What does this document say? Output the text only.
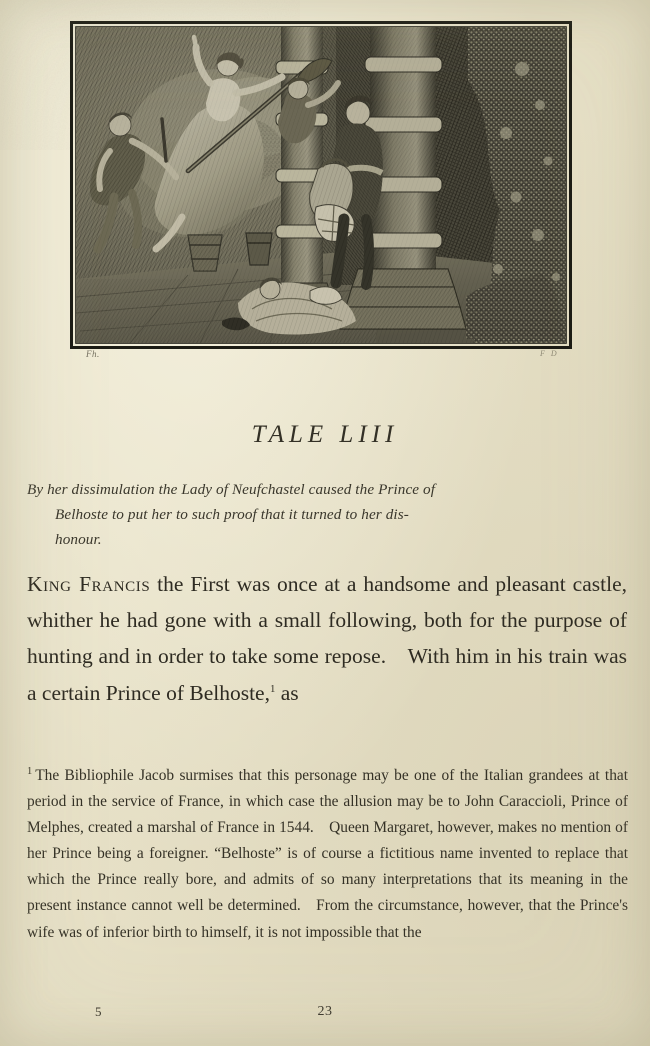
Fh.	F D
TALE LIII
By her dissimulation the Lady of Neufchastel caused the Prince of
Belhoste to put her to such proof that it turned to her dis-
honour.
King Francis the First was once at a handsome and pleasant castle, whither he had gone with a small following, both for the purpose of hunting and in order to take some repose. With him in his train was a certain Prince of Belhoste,$^1$ as
$^1$ The Bibliophile Jacob surmises that this personage may be one of the Italian grandees at that period in the service of France, in which case the allusion may be to John Caraccioli, Prince of Melphes, created a marshal of France in 1544. Queen Margaret, however, makes no mention of her Prince being a foreigner. “Belhoste” is of course a fictitious name invented to replace that which the Prince really bore, and admits of so many interpretations that its meaning in the present instance cannot well be determined. From the circumstance, however, that the Prince's wife was of inferior birth to himself, it is not impossible that the
5	23
